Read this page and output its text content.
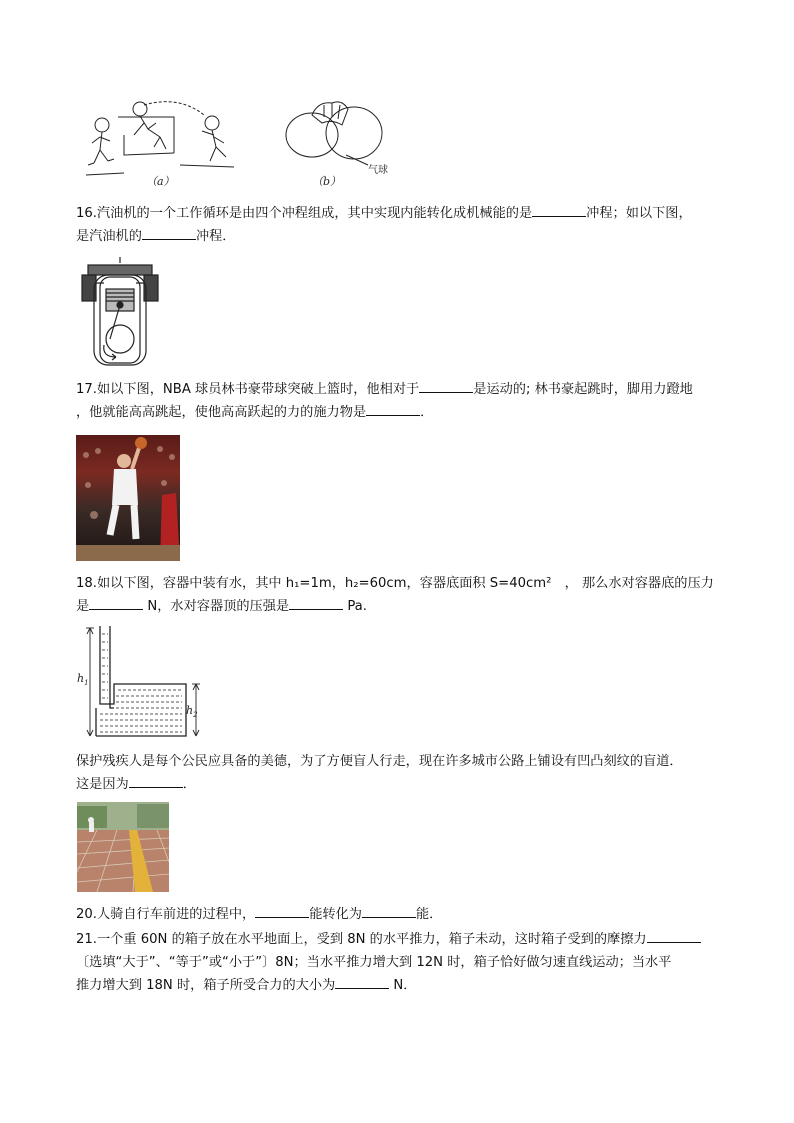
（a）
气球
（b）
16.汽油机的一个工作循环是由四个冲程组成，其中实现内能转化成机械能的是	冲程；如以下图，
是汽油机的	冲程．
17.如以下图，NBA 球员林书豪带球突破上篮时，他相对于	是运动的; 林书豪起跳时，脚用力蹬地
，他就能高高跳起，使他高高跃起的力的施力物是	．
18.如以下图，容器中装有水，其中 h₁=1m，h₂=60cm，容器底面积 S=40cm²　， 那么水对容器底的压力
是	N，水对容器顶的压强是	Pa.
$h_1$
$h_2$
保护残疾人是每个公民应具备的美德，为了方便盲人行走，现在许多城市公路上铺设有凹凸刻纹的盲道．
这是因为	．
20.人骑自行车前进的过程中，	能转化为	能．
21.一个重 60N 的箱子放在水平地面上，受到 8N 的水平推力，箱子未动，这时箱子受到的摩擦力
〔选填“大于”、“等于”或“小于”〕8N；当水平推力增大到 12N 时，箱子恰好做匀速直线运动；当水平
推力增大到 18N 时，箱子所受合力的大小为	N．
